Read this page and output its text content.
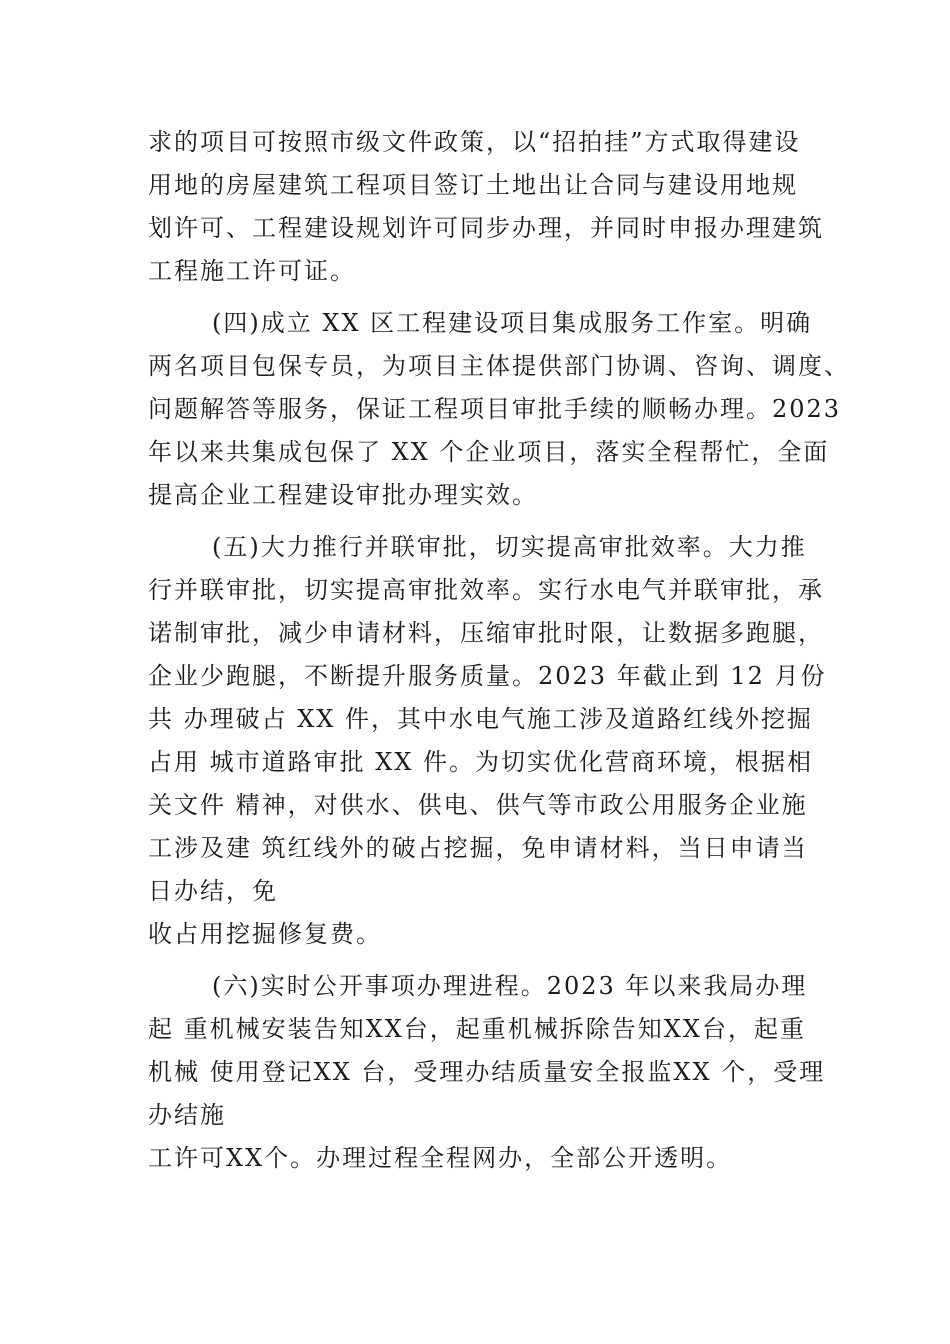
求的项目可按照市级文件政策，以“招拍挂”方式取得建设

用地的房屋建筑工程项目签订土地出让合同与建设用地规

划许可、工程建设规划许可同步办理，并同时申报办理建筑

工程施工许可证。

(四)成立 XX 区工程建设项目集成服务工作室。明确

两名项目包保专员，为项目主体提供部门协调、咨询、调度、

问题解答等服务，保证工程项目审批手续的顺畅办理。2023

年以来共集成包保了 XX 个企业项目，落实全程帮忙，全面

提高企业工程建设审批办理实效。

(五)大力推行并联审批，切实提高审批效率。大力推

行并联审批，切实提高审批效率。实行水电气并联审批，承

诺制审批，减少申请材料，压缩审批时限，让数据多跑腿，

企业少跑腿，不断提升服务质量。2023 年截止到 12 月份

共 办理破占 XX 件，其中水电气施工涉及道路红线外挖掘

占用 城市道路审批 XX 件。为切实优化营商环境，根据相

关文件 精神，对供水、供电、供气等市政公用服务企业施

工涉及建 筑红线外的破占挖掘，免申请材料，当日申请当

日办结，免

收占用挖掘修复费。

(六)实时公开事项办理进程。2023 年以来我局办理

起 重机械安装告知XX台，起重机械拆除告知XX台，起重

机械 使用登记XX 台，受理办结质量安全报监XX 个，受理

办结施

工许可XX个。办理过程全程网办，全部公开透明。
